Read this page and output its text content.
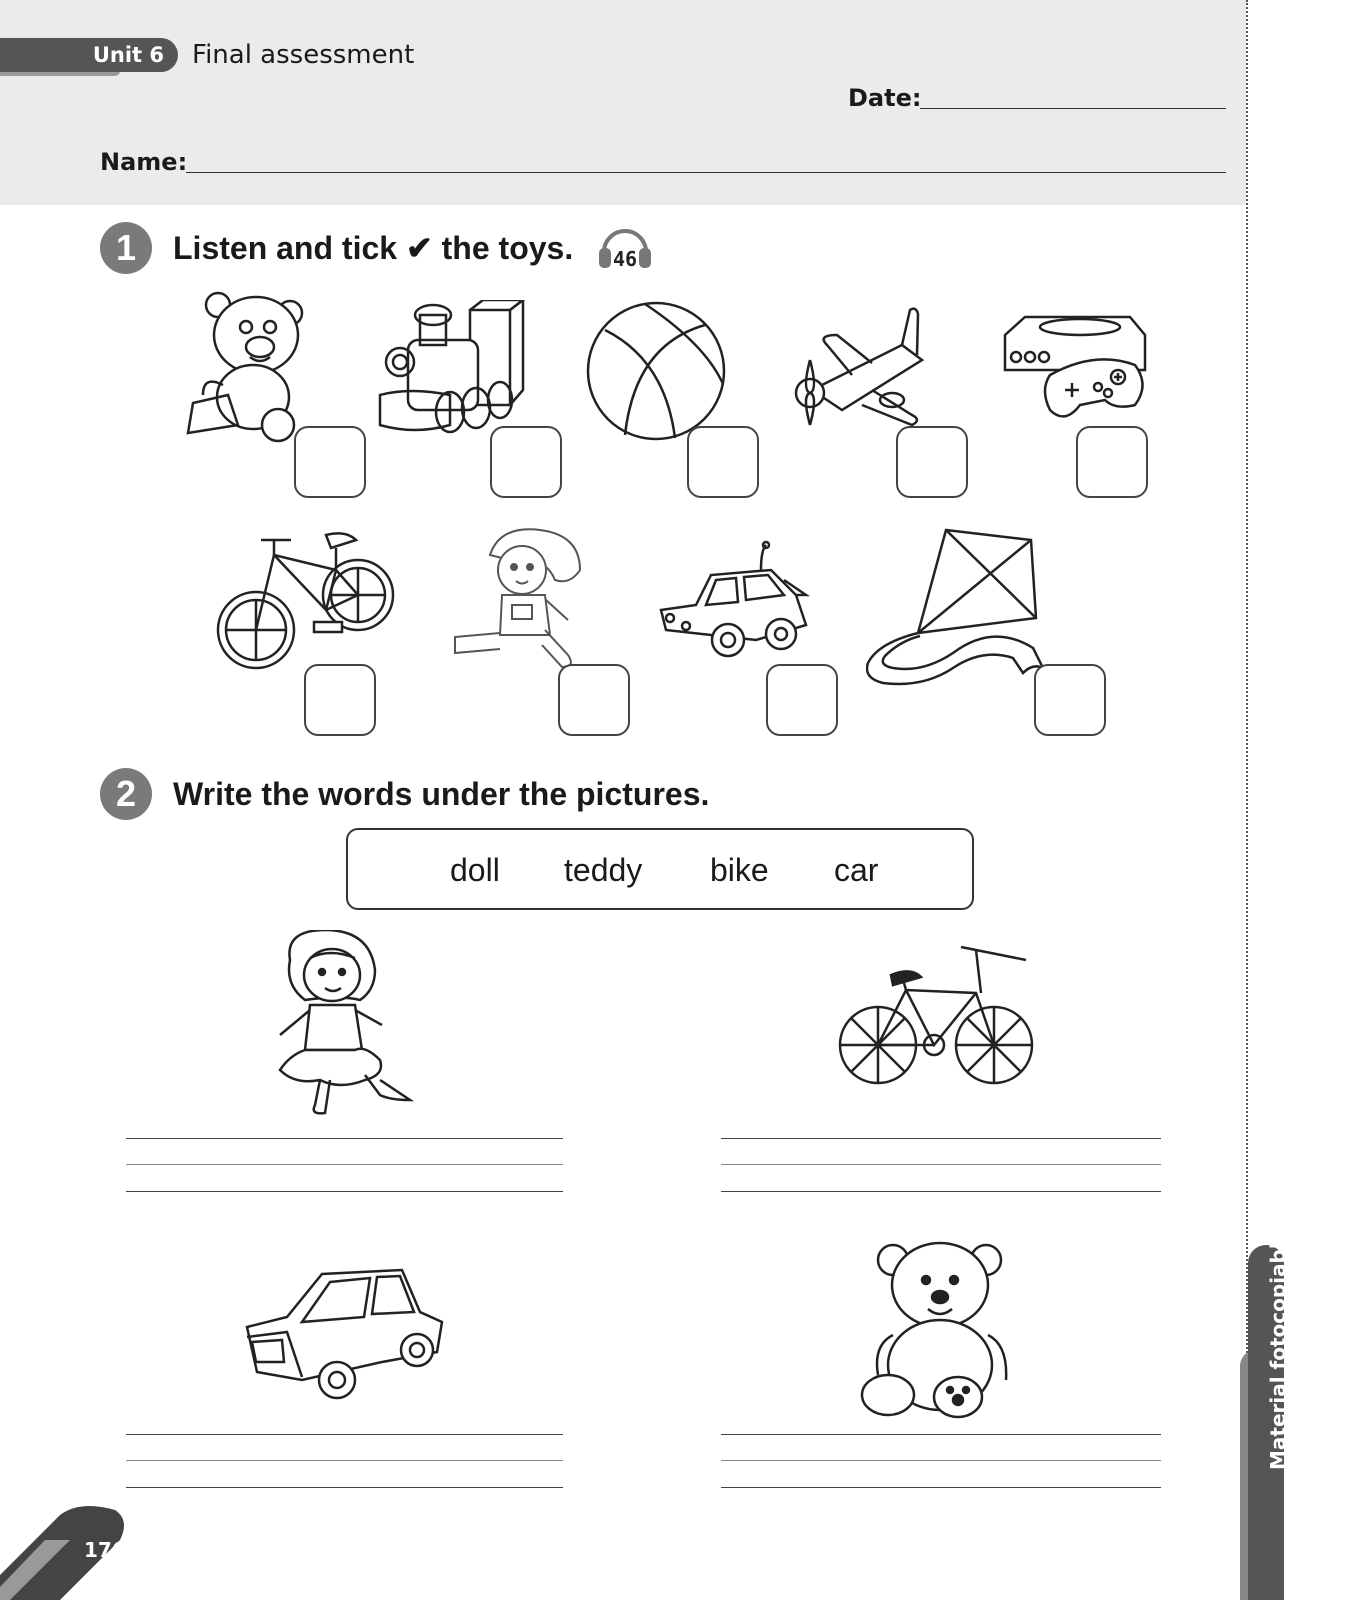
Unit 6	Final assessment
Date:
Name:
1	Listen and tick ✔ the toys. 46
2	Write the words under the pictures.
doll teddy bike car
Material fotocopiable
176
